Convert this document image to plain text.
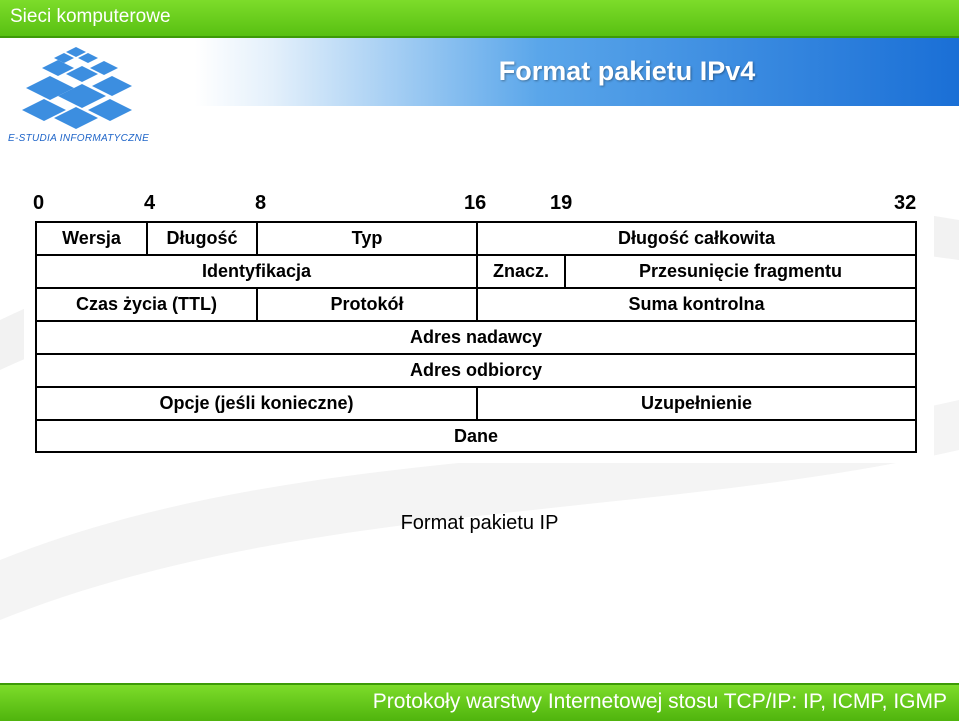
Sieci komputerowe
Format pakietu IPv4
E-STUDIA INFORMATYCZNE
0	4	8	16	19	32
Wersja	Długość	Typ	Długość całkowita
Identyfikacja	Znacz.	Przesunięcie fragmentu
Czas życia (TTL)	Protokół	Suma kontrolna
Adres nadawcy
Adres odbiorcy
Opcje (jeśli konieczne)	Uzupełnienie
Dane
Format pakietu IP
Protokoły warstwy Internetowej stosu TCP/IP: IP, ICMP, IGMP
